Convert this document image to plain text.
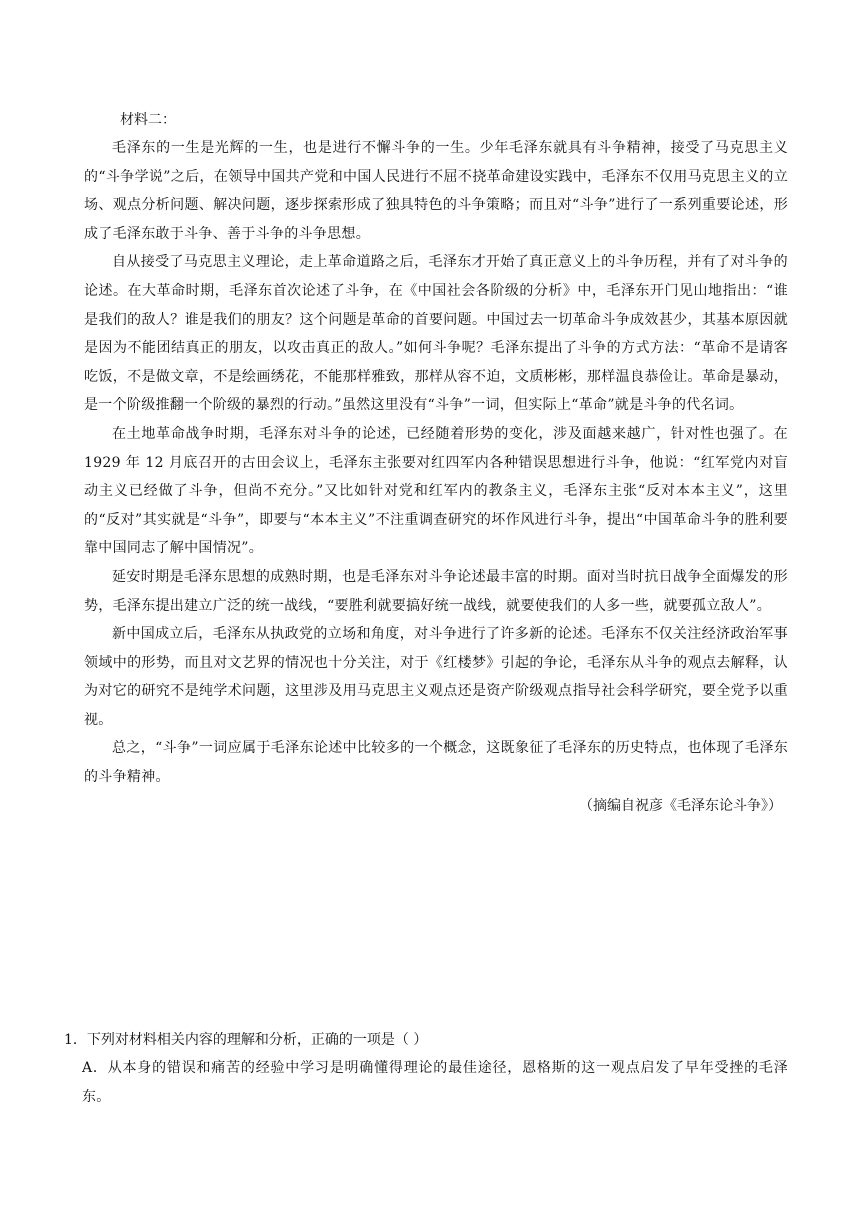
材料二：

毛泽东的一生是光辉的一生，也是进行不懈斗争的一生。少年毛泽东就具有斗争精神，接受了马克思主义的“斗争学说”之后，在领导中国共产党和中国人民进行不屈不挠革命建设实践中，毛泽东不仅用马克思主义的立场、观点分析问题、解决问题，逐步探索形成了独具特色的斗争策略；而且对“斗争”进行了一系列重要论述，形成了毛泽东敢于斗争、善于斗争的斗争思想。

自从接受了马克思主义理论，走上革命道路之后，毛泽东才开始了真正意义上的斗争历程，并有了对斗争的论述。在大革命时期，毛泽东首次论述了斗争，在《中国社会各阶级的分析》中，毛泽东开门见山地指出：“谁是我们的敌人？谁是我们的朋友？这个问题是革命的首要问题。中国过去一切革命斗争成效甚少，其基本原因就是因为不能团结真正的朋友，以攻击真正的敌人。”如何斗争呢？毛泽东提出了斗争的方式方法：“革命不是请客吃饭，不是做文章，不是绘画绣花，不能那样雅致，那样从容不迫，文质彬彬，那样温良恭俭让。革命是暴动，是一个阶级推翻一个阶级的暴烈的行动。”虽然这里没有“斗争”一词，但实际上“革命”就是斗争的代名词。

在土地革命战争时期，毛泽东对斗争的论述，已经随着形势的变化，涉及面越来越广，针对性也强了。在 1929 年 12 月底召开的古田会议上，毛泽东主张要对红四军内各种错误思想进行斗争，他说：“红军党内对盲动主义已经做了斗争，但尚不充分。”又比如针对党和红军内的教条主义，毛泽东主张“反对本本主义”，这里的“反对”其实就是“斗争”，即要与“本本主义”不注重调查研究的坏作风进行斗争，提出“中国革命斗争的胜利要靠中国同志了解中国情况”。

延安时期是毛泽东思想的成熟时期，也是毛泽东对斗争论述最丰富的时期。面对当时抗日战争全面爆发的形势，毛泽东提出建立广泛的统一战线，“要胜利就要搞好统一战线，就要使我们的人多一些，就要孤立敌人”。

新中国成立后，毛泽东从执政党的立场和角度，对斗争进行了许多新的论述。毛泽东不仅关注经济政治军事领域中的形势，而且对文艺界的情况也十分关注，对于《红楼梦》引起的争论，毛泽东从斗争的观点去解释，认为对它的研究不是纯学术问题，这里涉及用马克思主义观点还是资产阶级观点指导社会科学研究，要全党予以重视。

总之，“斗争”一词应属于毛泽东论述中比较多的一个概念，这既象征了毛泽东的历史特点，也体现了毛泽东的斗争精神。

（摘编自祝彦《毛泽东论斗争》）

1．下列对材料相关内容的理解和分析，正确的一项是（ ）

A．从本身的错误和痛苦的经验中学习是明确懂得理论的最佳途径，恩格斯的这一观点启发了早年受挫的毛泽东。
